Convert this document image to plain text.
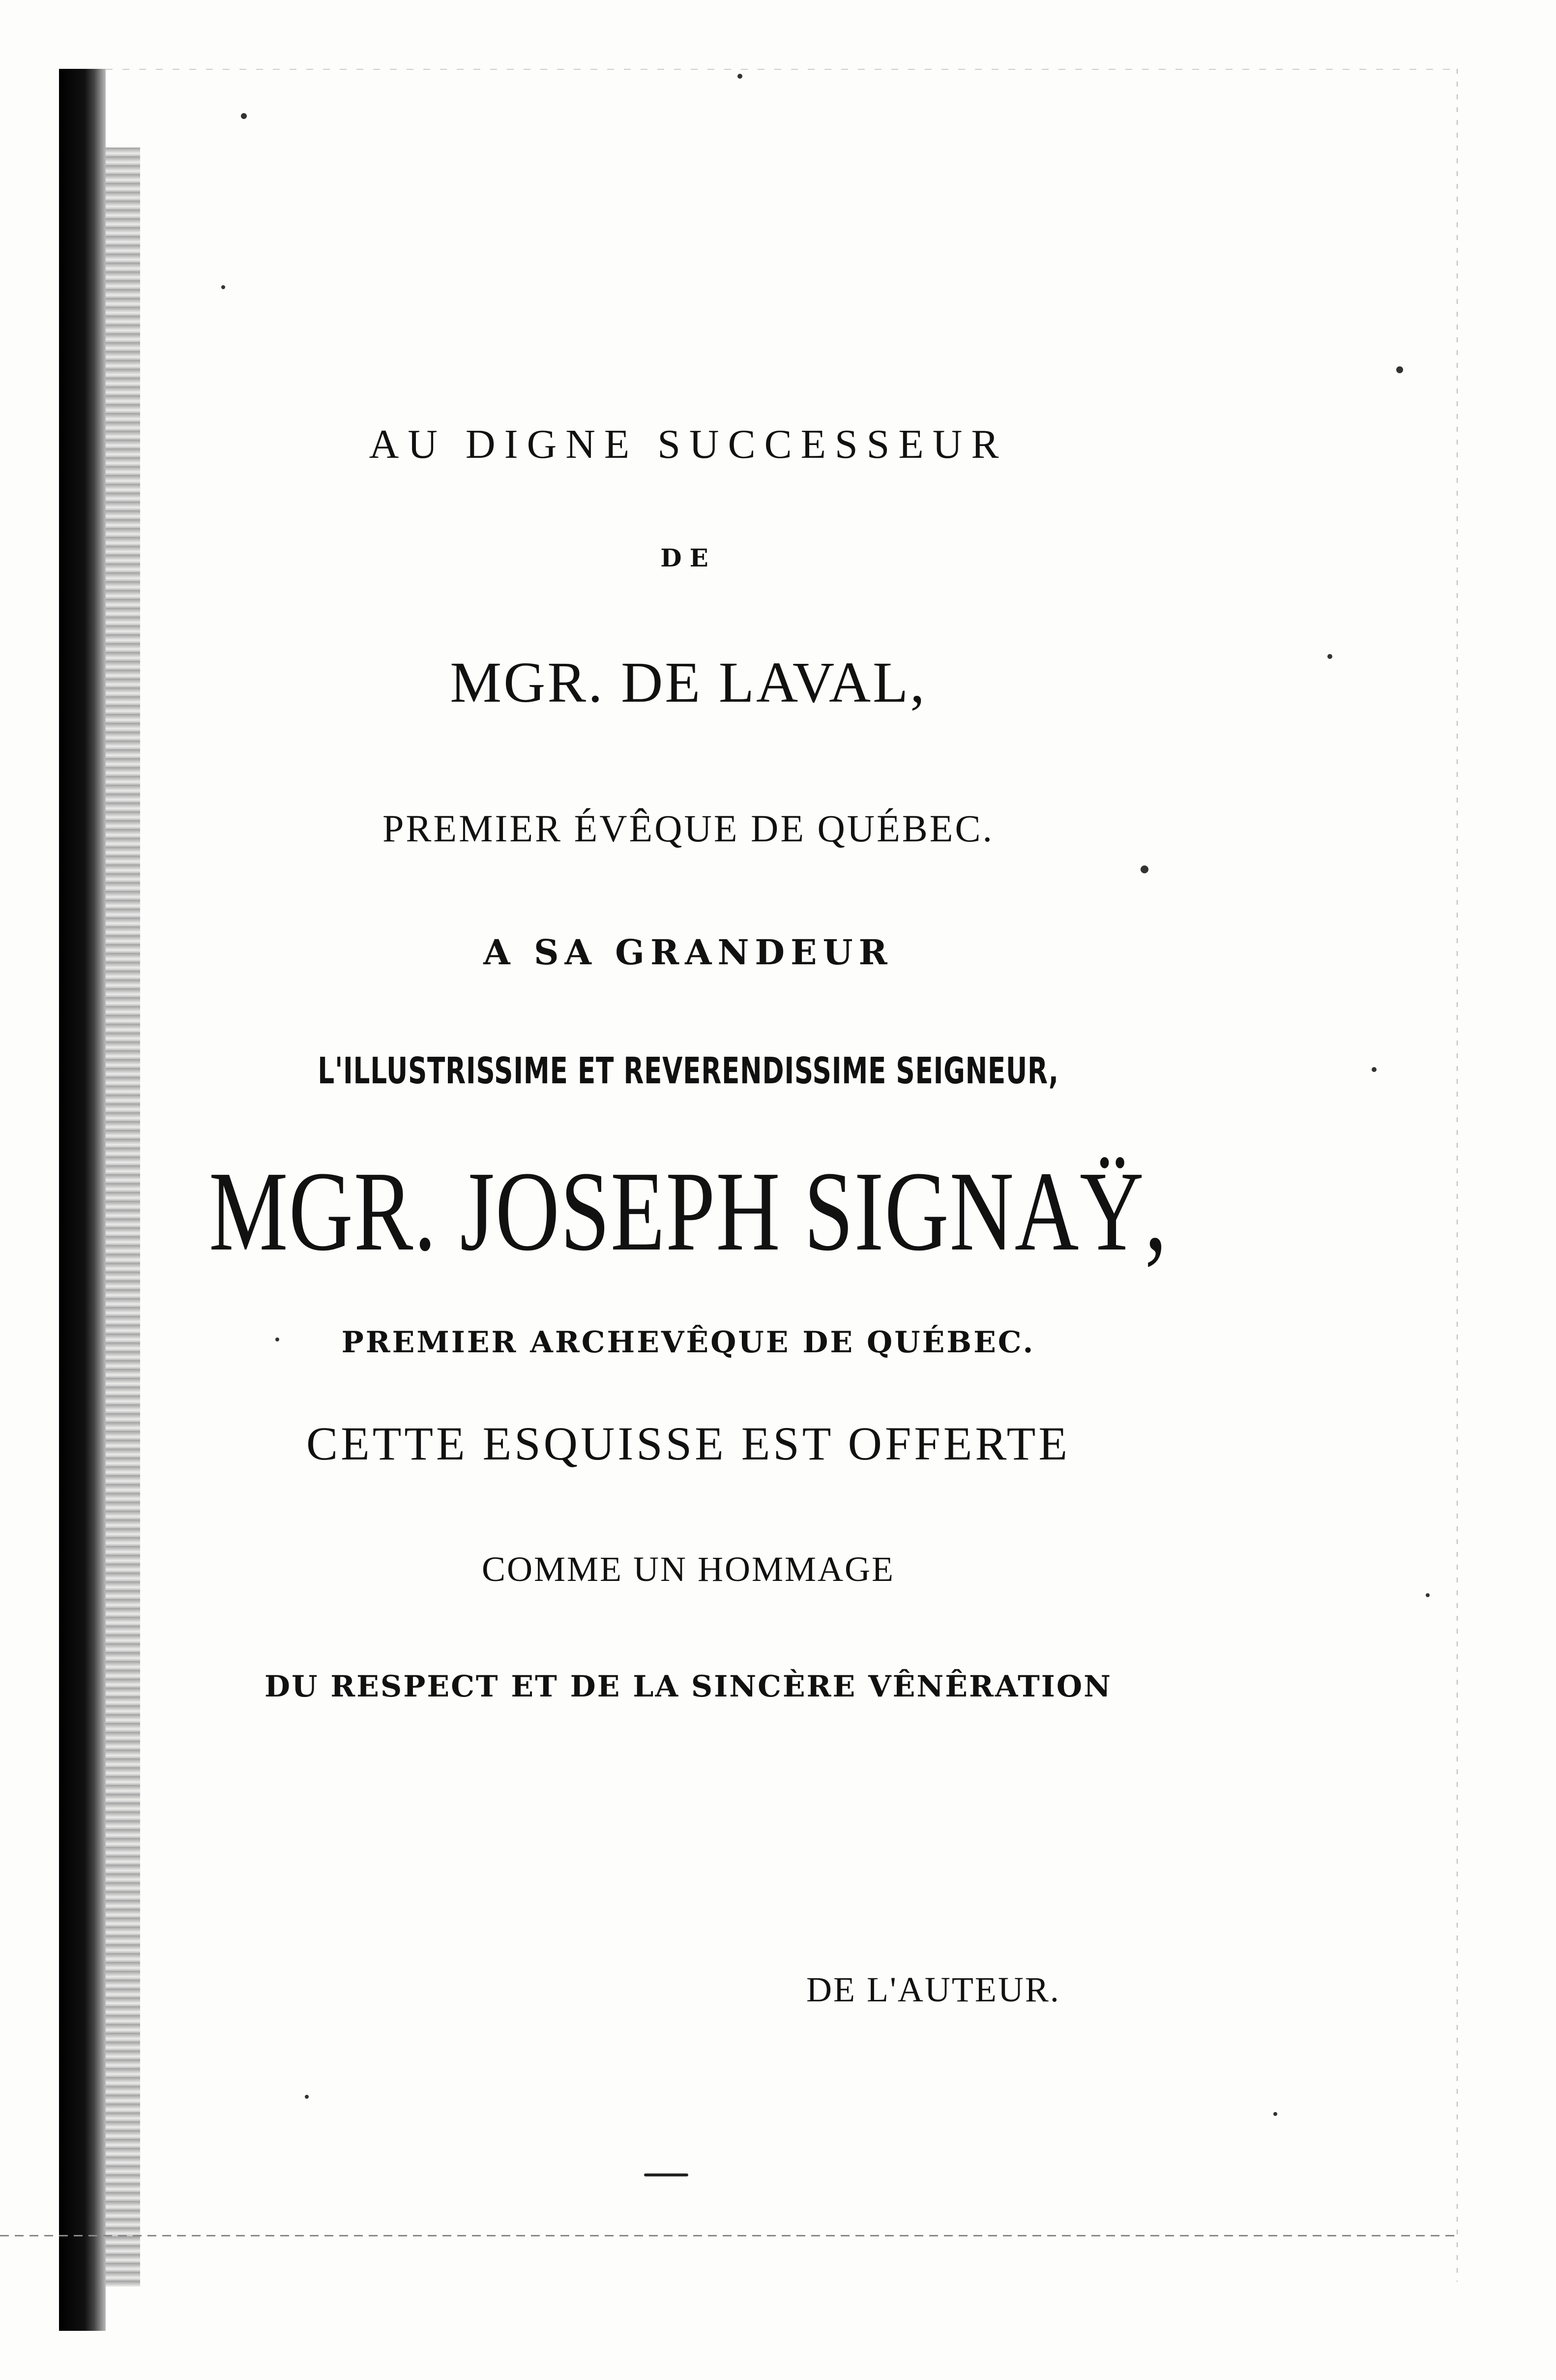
AU DIGNE SUCCESSEUR
DE
MGR. DE LAVAL,
PREMIER ÉVÊQUE DE QUÉBEC.
A SA GRANDEUR
L'ILLUSTRISSIME ET REVERENDISSIME SEIGNEUR,
MGR. JOSEPH SIGNAŸ,
PREMIER ARCHEVÊQUE DE QUÉBEC.
CETTE ESQUISSE EST OFFERTE
COMME UN HOMMAGE
DU RESPECT ET DE LA SINCÈRE VÊNÊRATION
DE L'AUTEUR.
